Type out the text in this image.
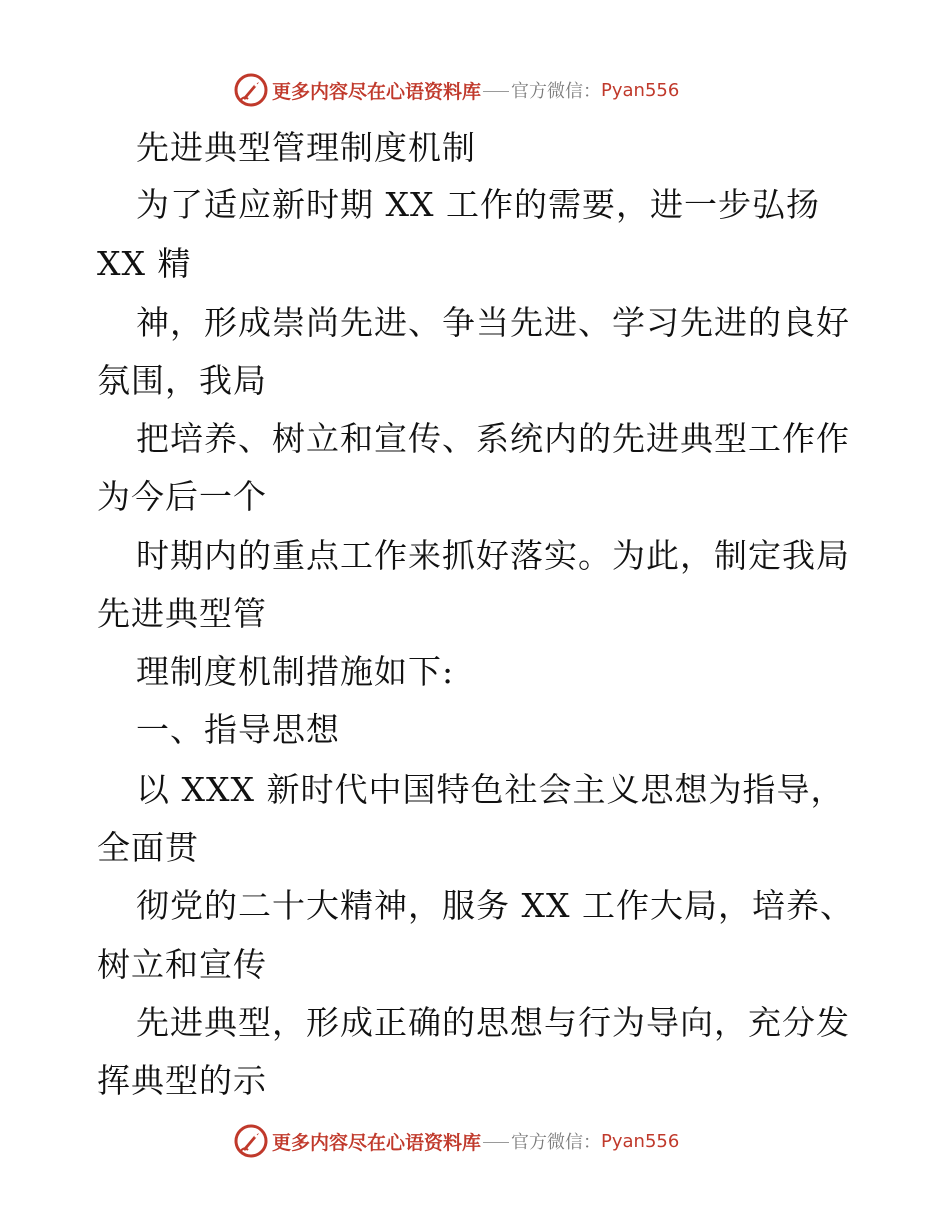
更多内容尽在心语资料库 官方微信： Pyan556
先进典型管理制度机制
为了适应新时期 XX 工作的需要，进一步弘扬
XX 精
神，形成崇尚先进、争当先进、学习先进的良好
氛围，我局
把培养、树立和宣传、系统内的先进典型工作作
为今后一个
时期内的重点工作来抓好落实。为此，制定我局
先进典型管
理制度机制措施如下:
一、指导思想
以 XXX 新时代中国特色社会主义思想为指导，
全面贯
彻党的二十大精神，服务 XX 工作大局，培养、
树立和宣传
先进典型，形成正确的思想与行为导向，充分发
挥典型的示
更多内容尽在心语资料库 官方微信： Pyan556
